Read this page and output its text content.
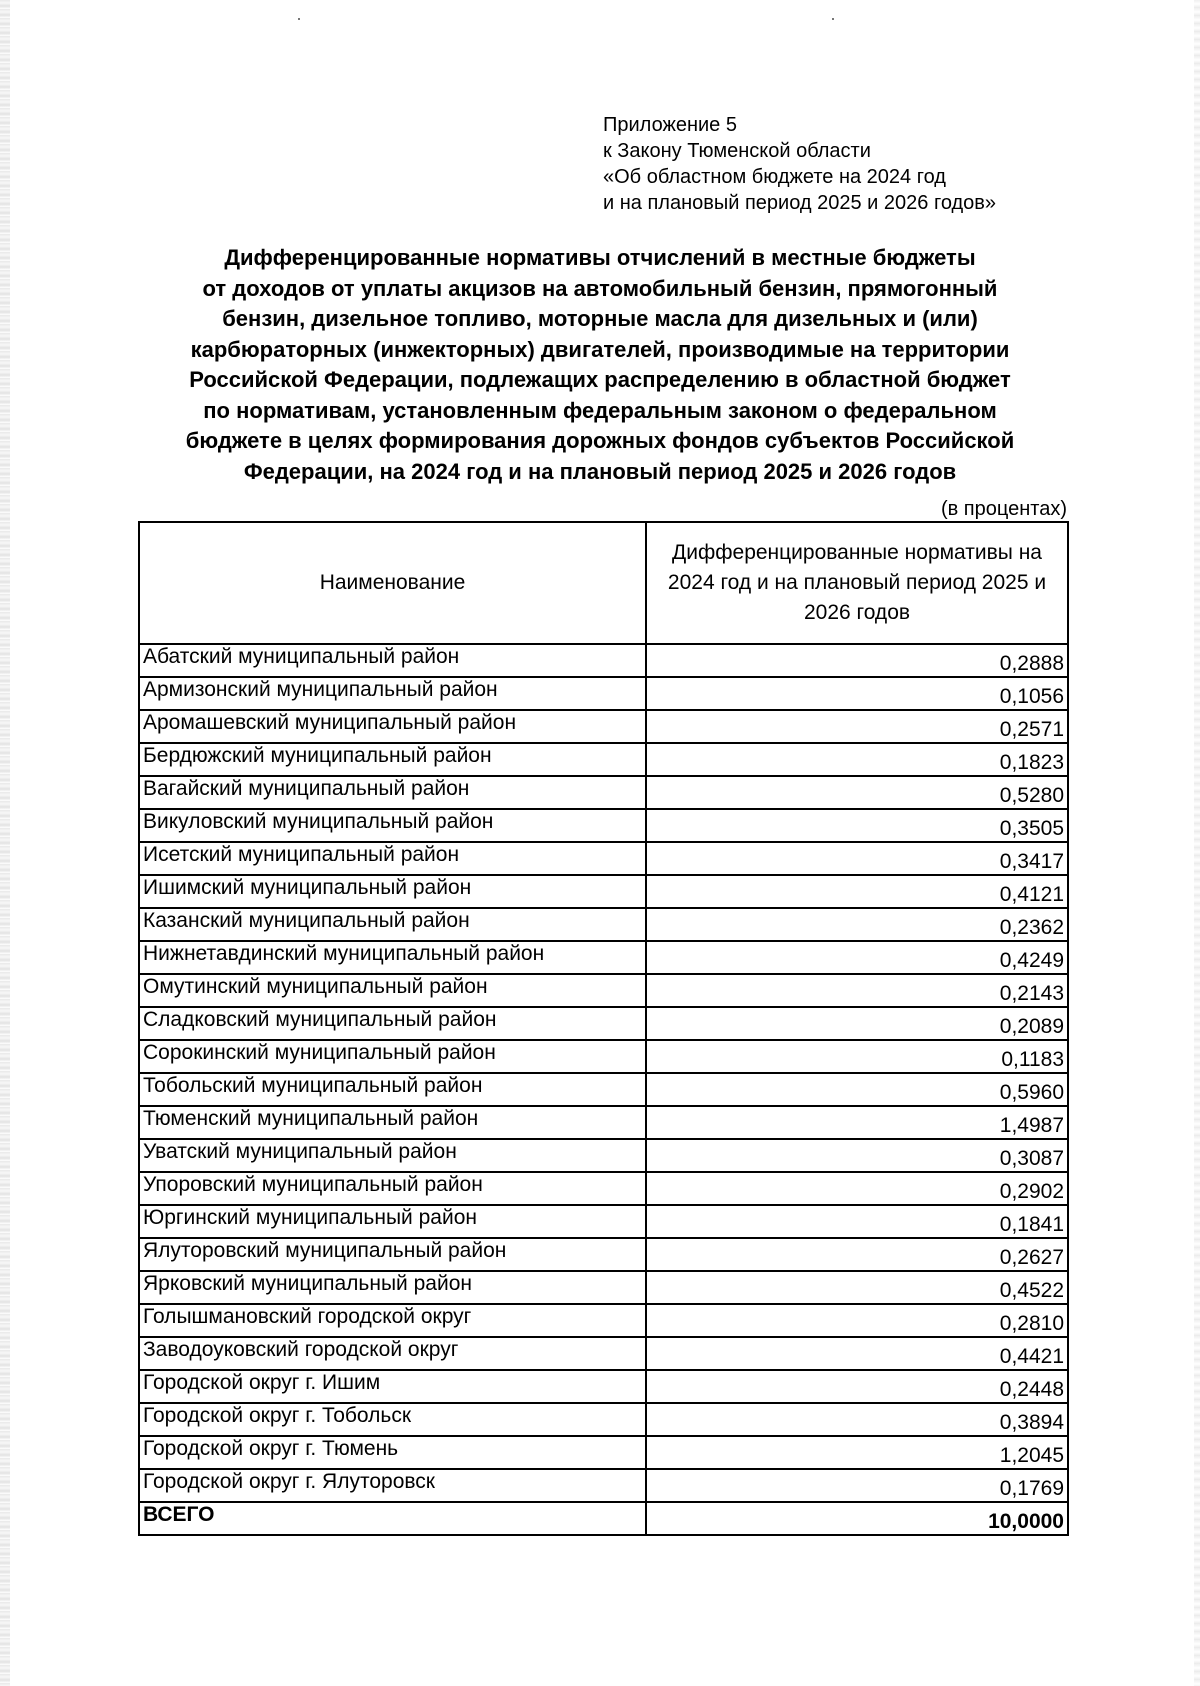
Приложение 5
к Закону Тюменской области
«Об областном бюджете на 2024 год
и на плановый период 2025 и 2026 годов»
Дифференцированные нормативы отчислений в местные бюджеты
от доходов от уплаты акцизов на автомобильный бензин, прямогонный
бензин, дизельное топливо, моторные масла для дизельных и (или)
карбюраторных (инжекторных) двигателей, производимые на территории
Российской Федерации, подлежащих распределению в областной бюджет
по нормативам, установленным федеральным законом о федеральном
бюджете в целях формирования дорожных фондов субъектов Российской
Федерации, на 2024 год и на плановый период 2025 и 2026 годов
(в процентах)
Наименование	Дифференцированные нормативы на 2024 год и на плановый период 2025 и 2026 годов
Абатский муниципальный район	0,2888
Армизонский муниципальный район	0,1056
Аромашевский муниципальный район	0,2571
Бердюжский муниципальный район	0,1823
Вагайский муниципальный район	0,5280
Викуловский муниципальный район	0,3505
Исетский муниципальный район	0,3417
Ишимский муниципальный район	0,4121
Казанский муниципальный район	0,2362
Нижнетавдинский муниципальный район	0,4249
Омутинский муниципальный район	0,2143
Сладковский муниципальный район	0,2089
Сорокинский муниципальный район	0,1183
Тобольский муниципальный район	0,5960
Тюменский муниципальный район	1,4987
Уватский муниципальный район	0,3087
Упоровский муниципальный район	0,2902
Юргинский муниципальный район	0,1841
Ялуторовский муниципальный район	0,2627
Ярковский муниципальный район	0,4522
Голышмановский городской округ	0,2810
Заводоуковский городской округ	0,4421
Городской округ г. Ишим	0,2448
Городской округ г. Тобольск	0,3894
Городской округ г. Тюмень	1,2045
Городской округ г. Ялуторовск	0,1769
ВСЕГО	10,0000
